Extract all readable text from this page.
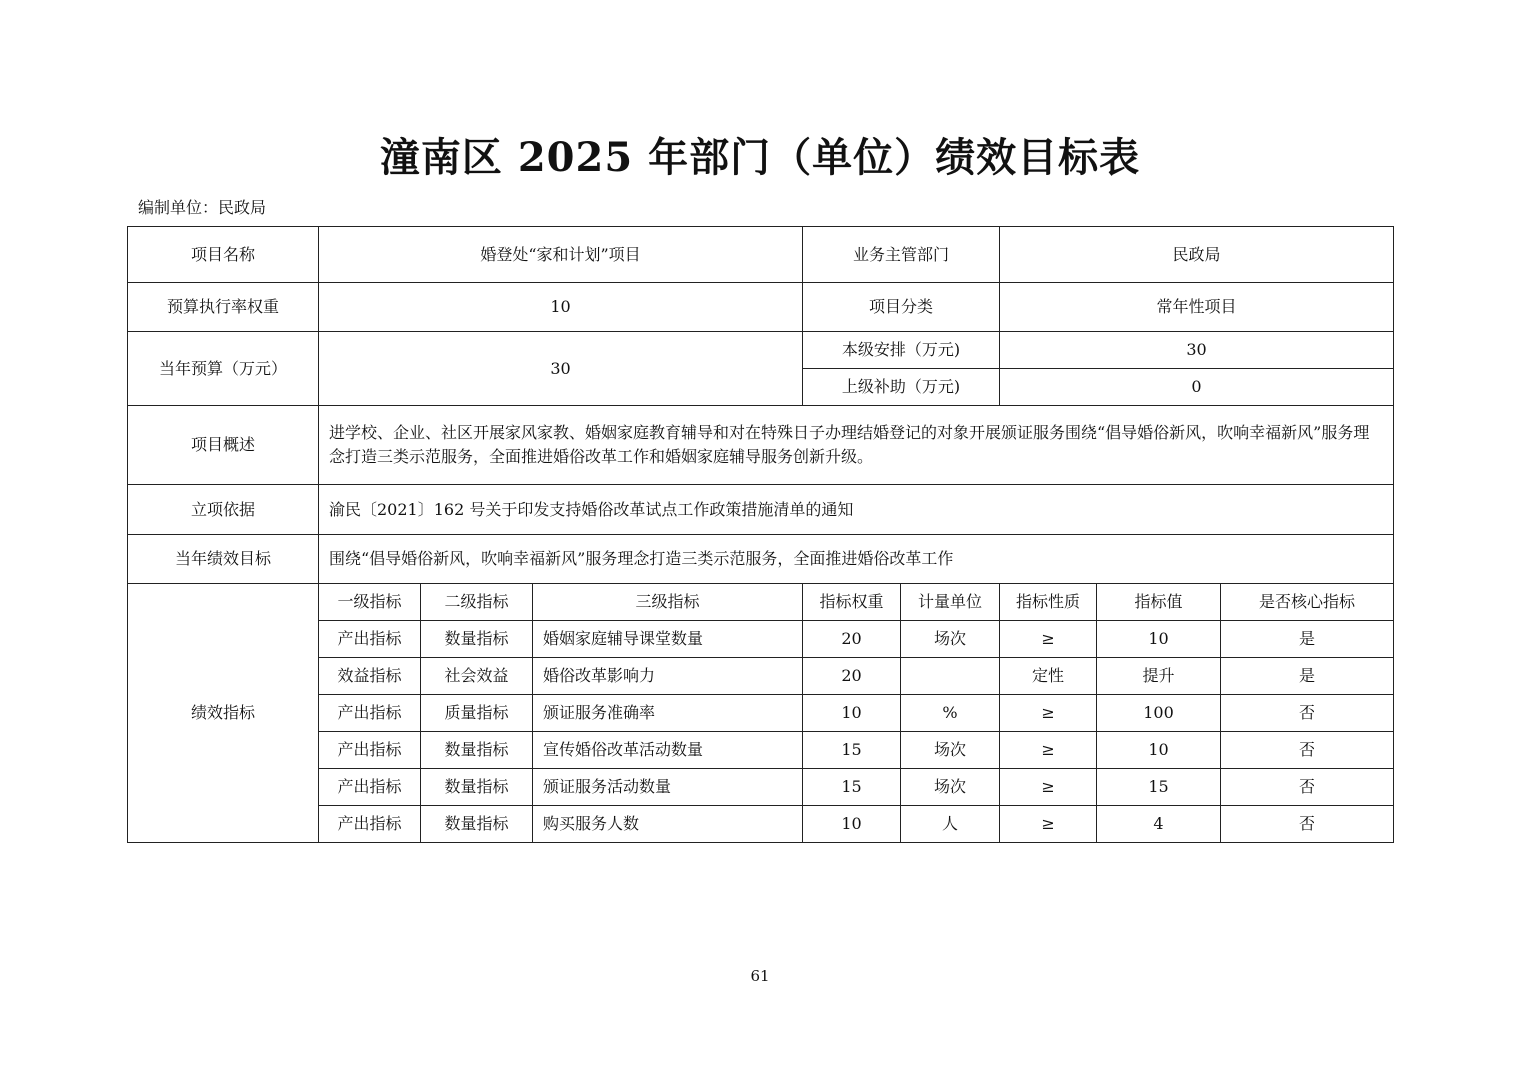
潼南区 2025 年部门（单位）绩效目标表
编制单位：民政局
项目名称	婚登处“家和计划”项目			业务主管部门		民政局		
预算执行率权重	10			项目分类		常年性项目		
当年预算（万元）	30			本级安排（万元)		30		
				上级补助（万元)		0		
项目概述	进学校、企业、社区开展家风家教、婚姻家庭教育辅导和对在特殊日子办理结婚登记的对象开展颁证服务围绕“倡导婚俗新风，吹响幸福新风”服务理念打造三类示范服务，全面推进婚俗改革工作和婚姻家庭辅导服务创新升级。							
立项依据	渝民〔2021〕162 号关于印发支持婚俗改革试点工作政策措施清单的通知							
当年绩效目标	围绕“倡导婚俗新风，吹响幸福新风”服务理念打造三类示范服务，全面推进婚俗改革工作							
绩效指标	一级指标	二级指标	三级指标	指标权重	计量单位	指标性质	指标值	是否核心指标
	产出指标	数量指标	婚姻家庭辅导课堂数量	20	场次	≥	10	是
	效益指标	社会效益	婚俗改革影响力	20		定性	提升	是
	产出指标	质量指标	颁证服务准确率	10	%	≥	100	否
	产出指标	数量指标	宣传婚俗改革活动数量	15	场次	≥	10	否
	产出指标	数量指标	颁证服务活动数量	15	场次	≥	15	否
	产出指标	数量指标	购买服务人数	10	人	≥	4	否
61
